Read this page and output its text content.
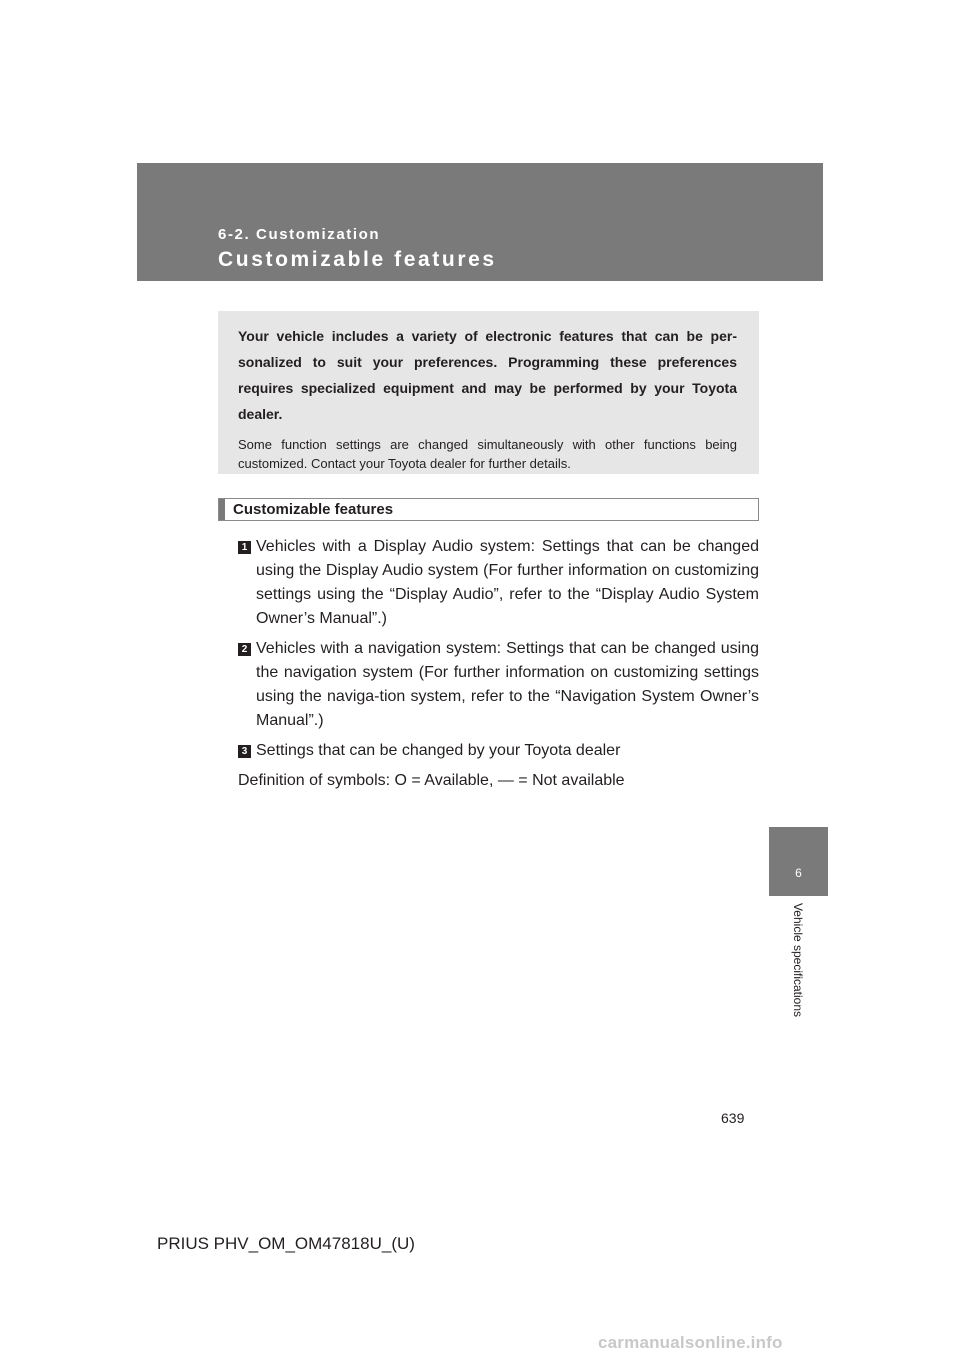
6-2. Customization
Customizable features

Your vehicle includes a variety of electronic features that can be per-sonalized to suit your preferences. Programming these preferences requires specialized equipment and may be performed by your Toyota dealer.

Some function settings are changed simultaneously with other functions being customized. Contact your Toyota dealer for further details.

Customizable features
1 Vehicles with a Display Audio system: Settings that can be changed using the Display Audio system (For further information on customizing settings using the “Display Audio”, refer to the “Display Audio System Owner’s Manual”.)

2 Vehicles with a navigation system: Settings that can be changed using the navigation system (For further information on customizing settings using the naviga-tion system, refer to the “Navigation System Owner’s Manual”.)

3 Settings that can be changed by your Toyota dealer

Definition of symbols: O = Available, — = Not available

6
Vehicle specifications
639
PRIUS PHV_OM_OM47818U_(U)
carmanualsonline.info
